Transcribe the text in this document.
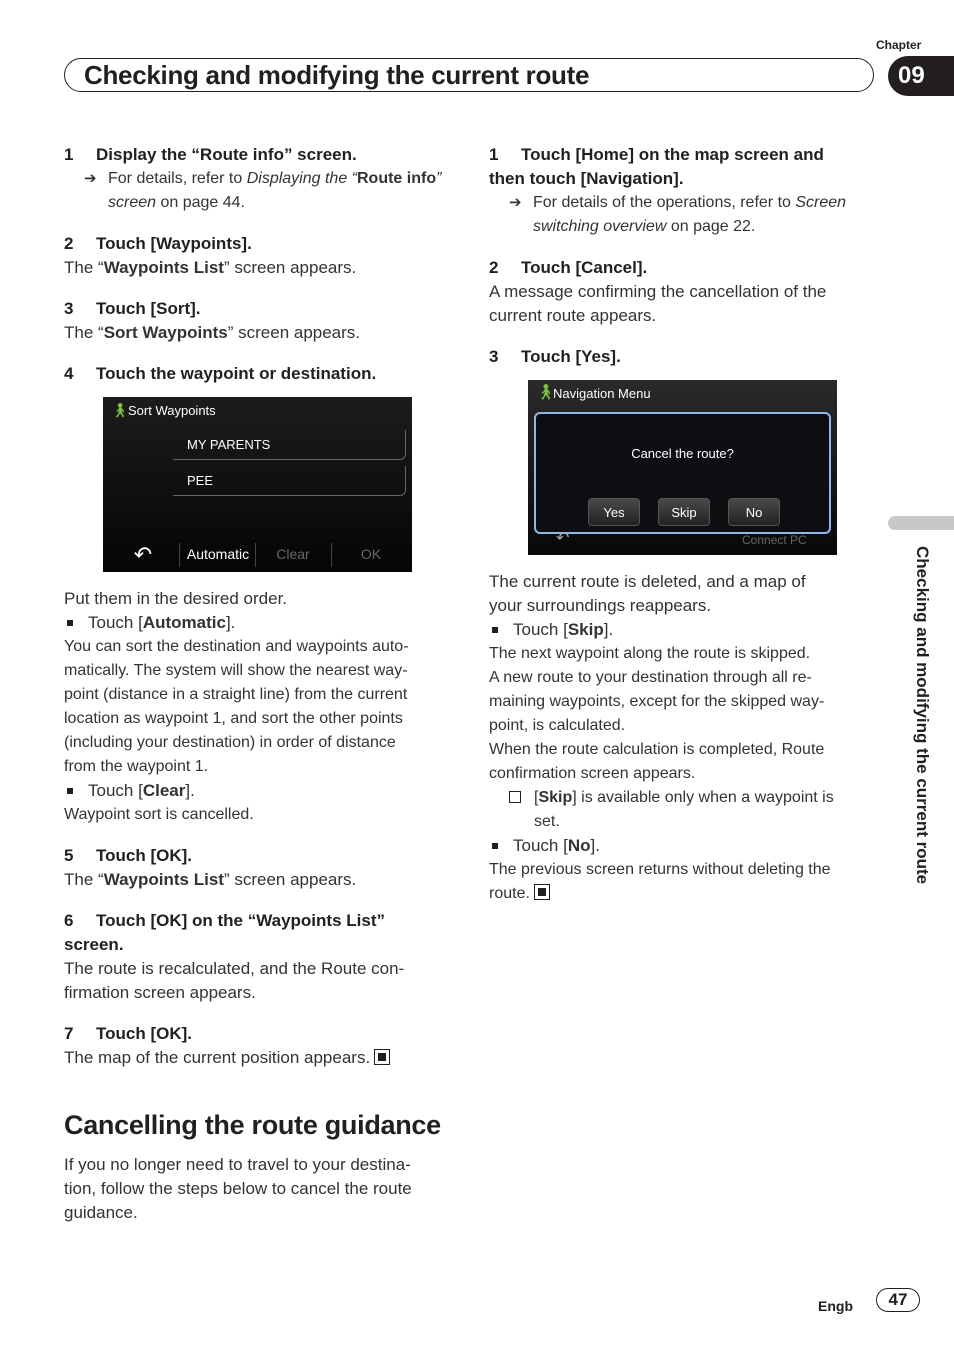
Chapter
Checking and modifying the current route	09
Checking and modifying the current route
1 Display the “Route info” screen.
➔ For details, refer to Displaying the “Route info” screen on page 44.
2 Touch [Waypoints].
The “Waypoints List” screen appears.
3 Touch [Sort].
The “Sort Waypoints” screen appears.
4 Touch the waypoint or destination.
🚶︎ Sort Waypoints
MY PARENTS
PEE
↶	Automatic	Clear	OK
Put them in the desired order.
Touch [Automatic].
You can sort the destination and waypoints auto-
matically. The system will show the nearest way-
point (distance in a straight line) from the current
location as waypoint 1, and sort the other points
(including your destination) in order of distance
from the waypoint 1.
Touch [Clear].
Waypoint sort is cancelled.
5 Touch [OK].
The “Waypoints List” screen appears.
6 Touch [OK] on the “Waypoints List”
screen.
The route is recalculated, and the Route con-
firmation screen appears.
7 Touch [OK].
The map of the current position appears.
Cancelling the route guidance
If you no longer need to travel to your destina-
tion, follow the steps below to cancel the route
guidance.
1 Touch [Home] on the map screen and
then touch [Navigation].
➔ For details of the operations, refer to Screen
switching overview on page 22.
2 Touch [Cancel].
A message confirming the cancellation of the
current route appears.
3 Touch [Yes].
🚶︎
Navigation Menu
Cancel the route?
Yes	Skip	No
↶	Connect PC
The current route is deleted, and a map of
your surroundings reappears.
Touch [Skip].
The next waypoint along the route is skipped.
A new route to your destination through all re-
maining waypoints, except for the skipped way-
point, is calculated.
When the route calculation is completed, Route
confirmation screen appears.
[Skip] is available only when a waypoint is
set.
Touch [No].
The previous screen returns without deleting the
route.
Engb	47
